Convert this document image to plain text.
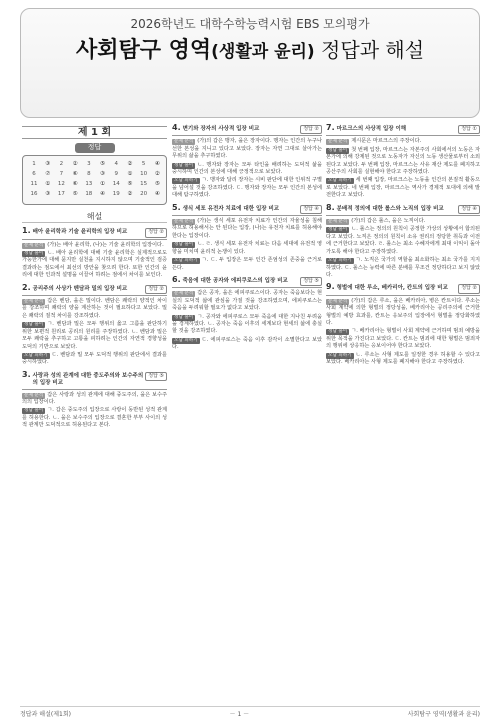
2026학년도 대학수학능력시험 EBS 모의평가
사회탐구 영역(생활과 윤리) 정답과 해설
제 1 회
정답
1	③	2	②	3	⑤	4	②	5	④
6	⑦	7	⑥	8	③	9	①	10	②
11	①	12	⑥	13	①	14	⑤	15	⑤
16	③	17	⑤	18	④	19	②	20	④
해설
1. 배아 윤리학과 기술 윤리학의 입장 비교	정답 ②
문제 분석 (가)는 배아 윤리학, (나)는 기술 윤리학의 입장이다.
정답 풀이 ㄴ. 배아 윤리학에 대해 기술 윤리학은 실제적으로도 가능한가에 대해 묻지만 실천을 지시하지 않으며 기술적인 검증 결과라는 점도에서 최선의 방안을 찾으려 한다. 또한 인간의 윤리에 대한 인과적 설명을 이끌어 하려는 점에서 차이를 보인다.
2. 공리주의 사상가 벤담과 밀의 입장 비교	정답 ②
문제 분석 갑은 벤담, 을은 밀이다. 벤담은 쾌락의 양적인 차이를 강조하며 쾌락의 양을 계산하는 것이 필요하다고 보았다. 밀은 쾌락의 질적 차이를 강조하였다.
정답 풀이 ㄱ. 벤담과 밀은 모두 행위의 옳고 그름을 판단하기 위한 보편적 원리로 공리의 원리를 주장하였다. ㄴ. 벤담과 밀은 모두 쾌락을 추구하고 고통을 피하려는 인간의 자연적 경향성을 도덕의 기반으로 보았다.
오답 피하기 ㄷ. 벤담과 밀 모두 도덕적 행위의 판단에서 결과를 중시하였다.
3. 사랑과 성의 관계에 대한 중도주의와 보수주의의 입장 비교
정답 ⑤
문제 분석 갑은 사랑과 성의 관계에 대해 중도주의, 을은 보수주의의 입장이다.
정답 풀이 ㄱ. 갑은 중도주의 입장으로 사랑이 동반된 성적 관계를 허용한다. ㄴ. 을은 보수주의 입장으로 결혼한 부부 사이의 성적 관계만 도덕적으로 허용된다고 본다.
4. 변기와 장자의 사상적 입장 비교	정답 ②
문제 분석 (가)의 갑은 맹자, 을은 장자이다. 맹자는 인간의 누구나 선한 본성을 지니고 있다고 보았다. 장자는 자연 그대로 살아가는 무위의 삶을 추구하였다.
정답 풀이 ㄴ. 맹자와 장자는 모두 타인을 배려하는 도덕적 삶을 중시하며 인간의 본성에 대해 긍정적으로 보았다.
오답 피하기 ㄱ. 맹자와 달리 장자는 시비 판단에 대한 인위적 구별을 넘어설 것을 강조하였다. ㄷ. 맹자와 장자는 모두 인간의 본성에 대해 탐구하였다.
5. 생식 세포 유전자 치료에 대한 입장 비교	정답 ④
문제 분석 (가)는 생식 세포 유전자 치료가 인간의 자율성을 침해하므로 허용해서는 안 된다는 입장, (나)는 유전자 치료를 허용해야 한다는 입장이다.
정답 풀이 ㄴ. ㄹ. 생식 세포 유전자 치료는 다음 세대에 유전적 영향을 미치며 윤리적 논쟁이 있다.
오답 피하기 ㄱ. ㄷ. 두 입장은 모두 인간 존엄성의 존중을 근거로 든다.
6. 죽음에 대한 공자와 에피쿠로스의 입장 비교	정답 ⑤
문제 분석 갑은 공자, 을은 에피쿠로스이다. 공자는 죽음보다는 현실의 도덕적 삶에 관심을 가질 것을 강조하였으며, 에피쿠로스는 죽음을 두려워할 필요가 없다고 보았다.
정답 풀이 ㄱ. 공자와 에피쿠로스 모두 죽음에 대한 지나친 두려움을 경계하였다. ㄴ. 공자는 죽음 이후의 세계보다 현세의 삶에 충실할 것을 강조하였다.
오답 피하기 ㄷ. 에피쿠로스는 죽음 이후 감각이 소멸한다고 보았다.
7. 마르크스의 사상적 입장 이해	정답 ①
문제 분석 제시문은 마르크스의 주장이다.
정답 풀이 첫 번째 입장, 마르크스는 자본주의 사회에서의 노동은 자본가에 의해 강제된 것으로 노동자가 자신의 노동 생산물로부터 소외된다고 보았다. 두 번째 입장, 마르크스는 사유 재산 제도를 폐지하고 공산주의 사회를 실현해야 한다고 주장하였다.
오답 피하기 세 번째 입장, 마르크스는 노동을 인간의 본질적 활동으로 보았다. 네 번째 입장, 마르크스는 역사가 경제적 토대에 의해 발전한다고 보았다.
8. 분배적 정의에 대한 롤스와 노직의 입장 비교	정답 ④
문제 분석 (가)의 갑은 롤스, 을은 노직이다.
정답 풀이 ㄴ. 롤스는 정의의 원칙이 공정한 가상의 상황에서 합의된다고 보았다. 노직은 정의의 원칙이 소유 권리의 정당한 취득과 이전에 근거한다고 보았다. ㄹ. 롤스는 최소 수혜자에게 최대 이익이 돌아가도록 해야 한다고 주장하였다.
오답 피하기 ㄱ. 노직은 국가의 역할을 최소화하는 최소 국가를 지지하였다. ㄷ. 롤스는 능력에 따른 분배를 무조건 정당하다고 보지 않았다.
9. 형벌에 대한 루소, 베카리아, 칸트의 입장 비교	정답 ②
문제 분석 (가)의 갑은 루소, 을은 베카리아, 병은 칸트이다. 루소는 사회 계약에 의한 형벌의 정당성을, 베카리아는 공리주의에 근거한 형벌의 예방 효과를, 칸트는 응보주의 입장에서 형벌을 정당화하였다.
정답 풀이 ㄱ. 베카리아는 형벌이 사회 계약에 근거하며 범죄 예방을 위한 목적을 가진다고 보았다. ㄷ. 칸트는 범죄에 대한 형벌은 범죄자의 행위에 상응하는 응보이어야 한다고 보았다.
오답 피하기 ㄴ. 루소는 사형 제도를 일정한 경우 허용할 수 있다고 보았다. 베카리아는 사형 제도를 폐지해야 한다고 주장하였다.
정답과 해설(제1회)	－ 1 －	사회탐구 영역(생활과 윤리)
